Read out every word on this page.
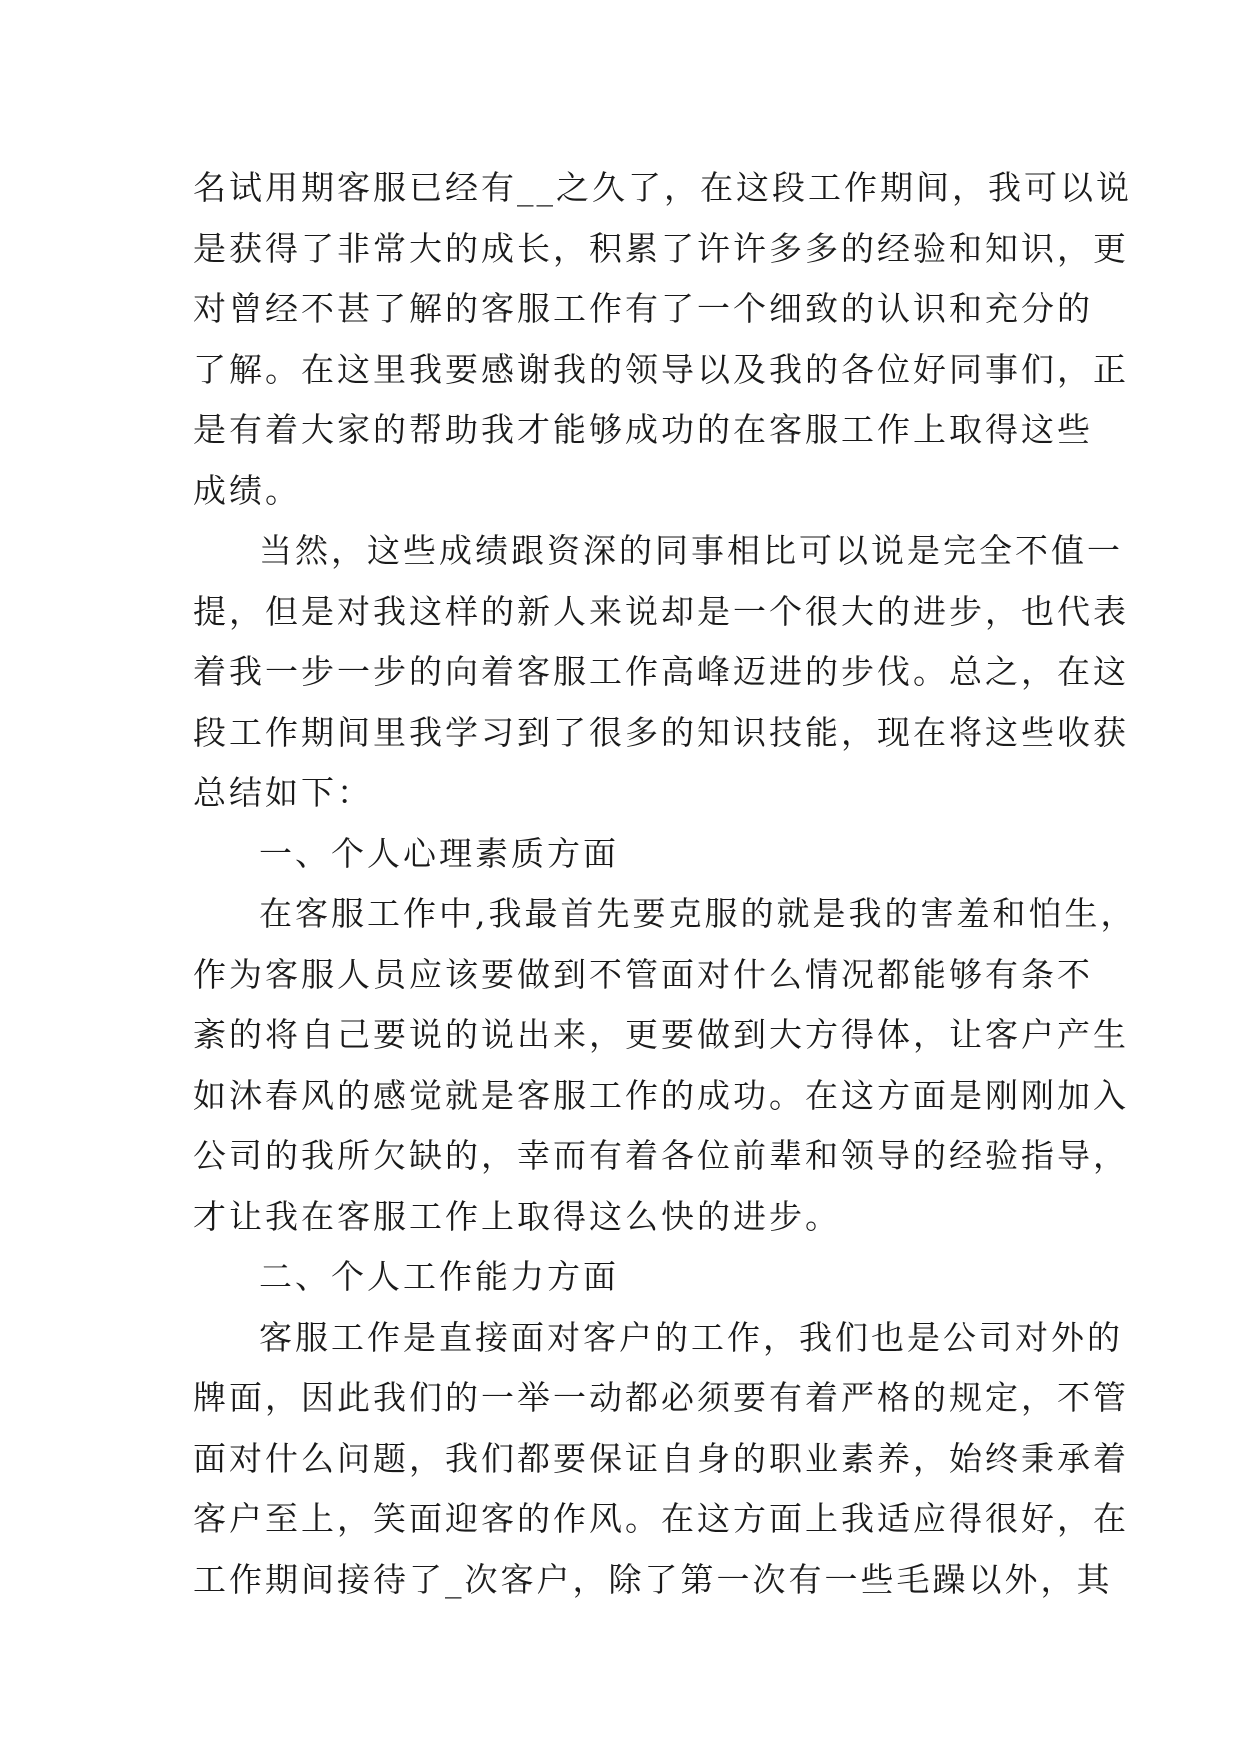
名试用期客服已经有__之久了，在这段工作期间，我可以说
是获得了非常大的成长，积累了许许多多的经验和知识，更
对曾经不甚了解的客服工作有了一个细致的认识和充分的
了解。在这里我要感谢我的领导以及我的各位好同事们，正
是有着大家的帮助我才能够成功的在客服工作上取得这些
成绩。
当然，这些成绩跟资深的同事相比可以说是完全不值一
提，但是对我这样的新人来说却是一个很大的进步，也代表
着我一步一步的向着客服工作高峰迈进的步伐。总之，在这
段工作期间里我学习到了很多的知识技能，现在将这些收获
总结如下：
一、个人心理素质方面
在客服工作中,我最首先要克服的就是我的害羞和怕生，
作为客服人员应该要做到不管面对什么情况都能够有条不
紊的将自己要说的说出来，更要做到大方得体，让客户产生
如沐春风的感觉就是客服工作的成功。在这方面是刚刚加入
公司的我所欠缺的，幸而有着各位前辈和领导的经验指导，
才让我在客服工作上取得这么快的进步。
二、个人工作能力方面
客服工作是直接面对客户的工作，我们也是公司对外的
牌面，因此我们的一举一动都必须要有着严格的规定，不管
面对什么问题，我们都要保证自身的职业素养，始终秉承着
客户至上，笑面迎客的作风。在这方面上我适应得很好，在
工作期间接待了_次客户，除了第一次有一些毛躁以外，其
